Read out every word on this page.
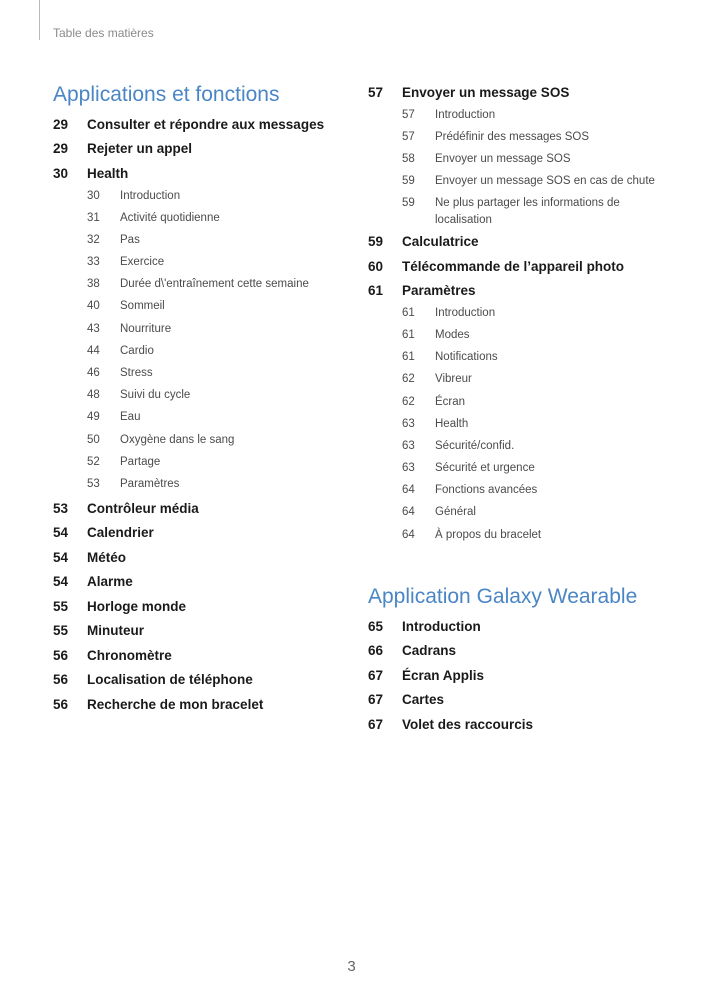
Table des matières
Applications et fonctions
29	Consulter et répondre aux messages
29	Rejeter un appel
30	Health
30	Introduction
31	Activité quotidienne
32	Pas
33	Exercice
38	Durée d\'entraînement cette semaine
40	Sommeil
43	Nourriture
44	Cardio
46	Stress
48	Suivi du cycle
49	Eau
50	Oxygène dans le sang
52	Partage
53	Paramètres
53	Contrôleur média
54	Calendrier
54	Météo
54	Alarme
55	Horloge monde
55	Minuteur
56	Chronomètre
56	Localisation de téléphone
56	Recherche de mon bracelet
57	Envoyer un message SOS
57	Introduction
57	Prédéfinir des messages SOS
58	Envoyer un message SOS
59	Envoyer un message SOS en cas de chute
59	Ne plus partager les informations de localisation
59	Calculatrice
60	Télécommande de l’appareil photo
61	Paramètres
61	Introduction
61	Modes
61	Notifications
62	Vibreur
62	Écran
63	Health
63	Sécurité/confid.
63	Sécurité et urgence
64	Fonctions avancées
64	Général
64	À propos du bracelet
Application Galaxy Wearable
65	Introduction
66	Cadrans
67	Écran Applis
67	Cartes
67	Volet des raccourcis
3
